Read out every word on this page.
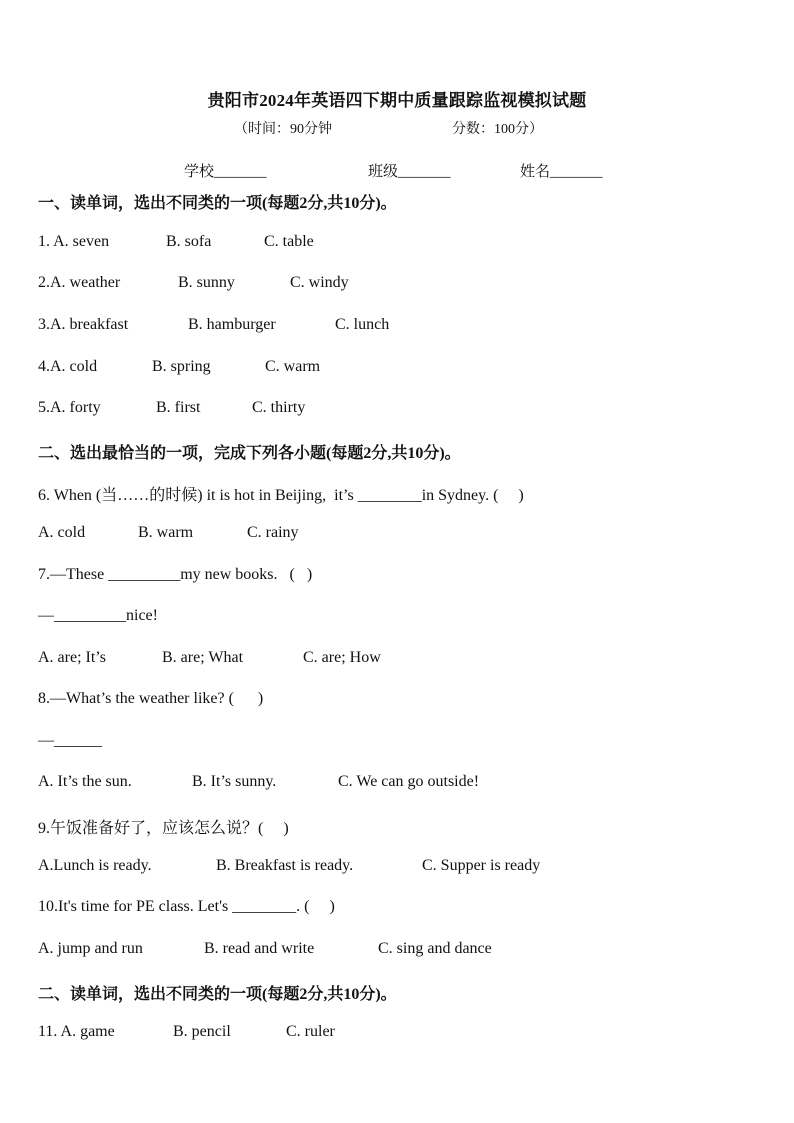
贵阳市2024年英语四下期中质量跟踪监视模拟试题
（时间：90分钟	分数：100分）
学校_______	班级_______	姓名_______
一、读单词，选出不同类的一项(每题2分,共10分)。
1. A. seven	B. sofa	C. table
2.A. weather	B. sunny	C. windy
3.A. breakfast	B. hamburger	C. lunch
4.A. cold	B. spring	C. warm
5.A. forty	B. first	C. thirty
二、选出最恰当的一项，完成下列各小题(每题2分,共10分)。
6. When (当……的时候) it is hot in Beijing,  it’s ________in Sydney. (     )
A. cold	B. warm	C. rainy
7.—These _________my new books.   (   )
—_________nice!
A. are; It’s	B. are; What	C. are; How
8.—What’s the weather like? (      )
—______
A. It’s the sun.	B. It’s sunny.	C. We can go outside!
9.午饭准备好了，应该怎么说？(     )
A.Lunch is ready.	B. Breakfast is ready.	C. Supper is ready
10.It's time for PE class. Let's ________. (     )
A. jump and run	B. read and write	C. sing and dance
二、读单词，选出不同类的一项(每题2分,共10分)。
11. A. game	B. pencil	C. ruler
